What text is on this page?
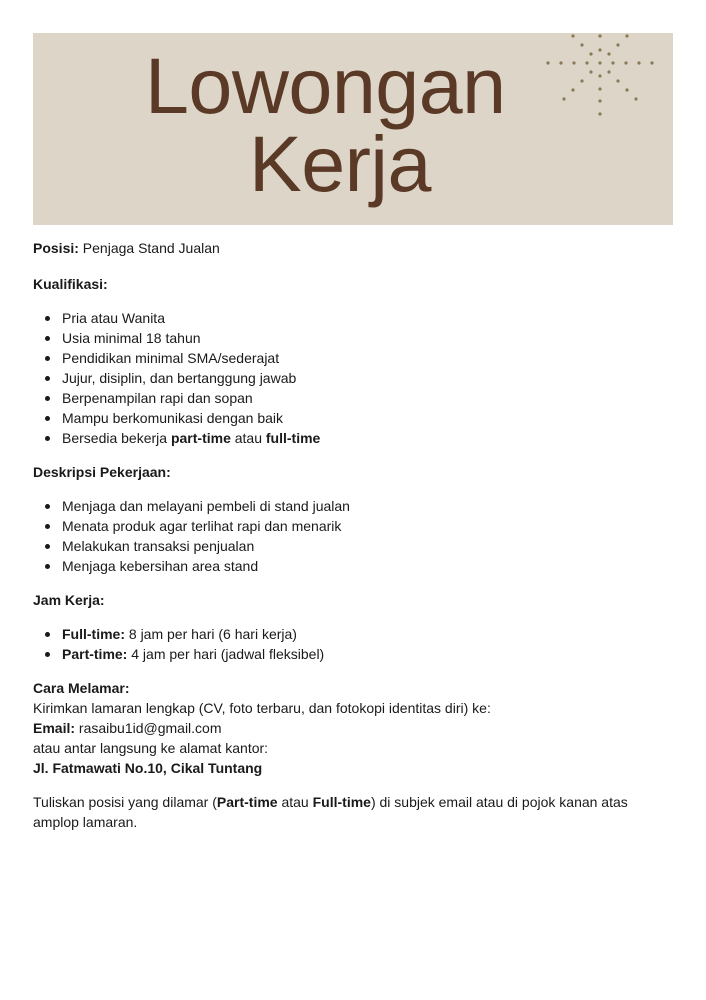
Lowongan
Kerja
Posisi: Penjaga Stand Jualan
Kualifikasi:
Pria atau Wanita
Usia minimal 18 tahun
Pendidikan minimal SMA/sederajat
Jujur, disiplin, dan bertanggung jawab
Berpenampilan rapi dan sopan
Mampu berkomunikasi dengan baik
Bersedia bekerja part-time atau full-time
Deskripsi Pekerjaan:
Menjaga dan melayani pembeli di stand jualan
Menata produk agar terlihat rapi dan menarik
Melakukan transaksi penjualan
Menjaga kebersihan area stand
Jam Kerja:
Full-time: 8 jam per hari (6 hari kerja)
Part-time: 4 jam per hari (jadwal fleksibel)
Cara Melamar:
Kirimkan lamaran lengkap (CV, foto terbaru, dan fotokopi identitas diri) ke:
Email: rasaibu1id@gmail.com
atau antar langsung ke alamat kantor:
Jl. Fatmawati No.10, Cikal Tuntang
Tuliskan posisi yang dilamar (Part-time atau Full-time) di subjek email atau di pojok kanan atas amplop lamaran.
